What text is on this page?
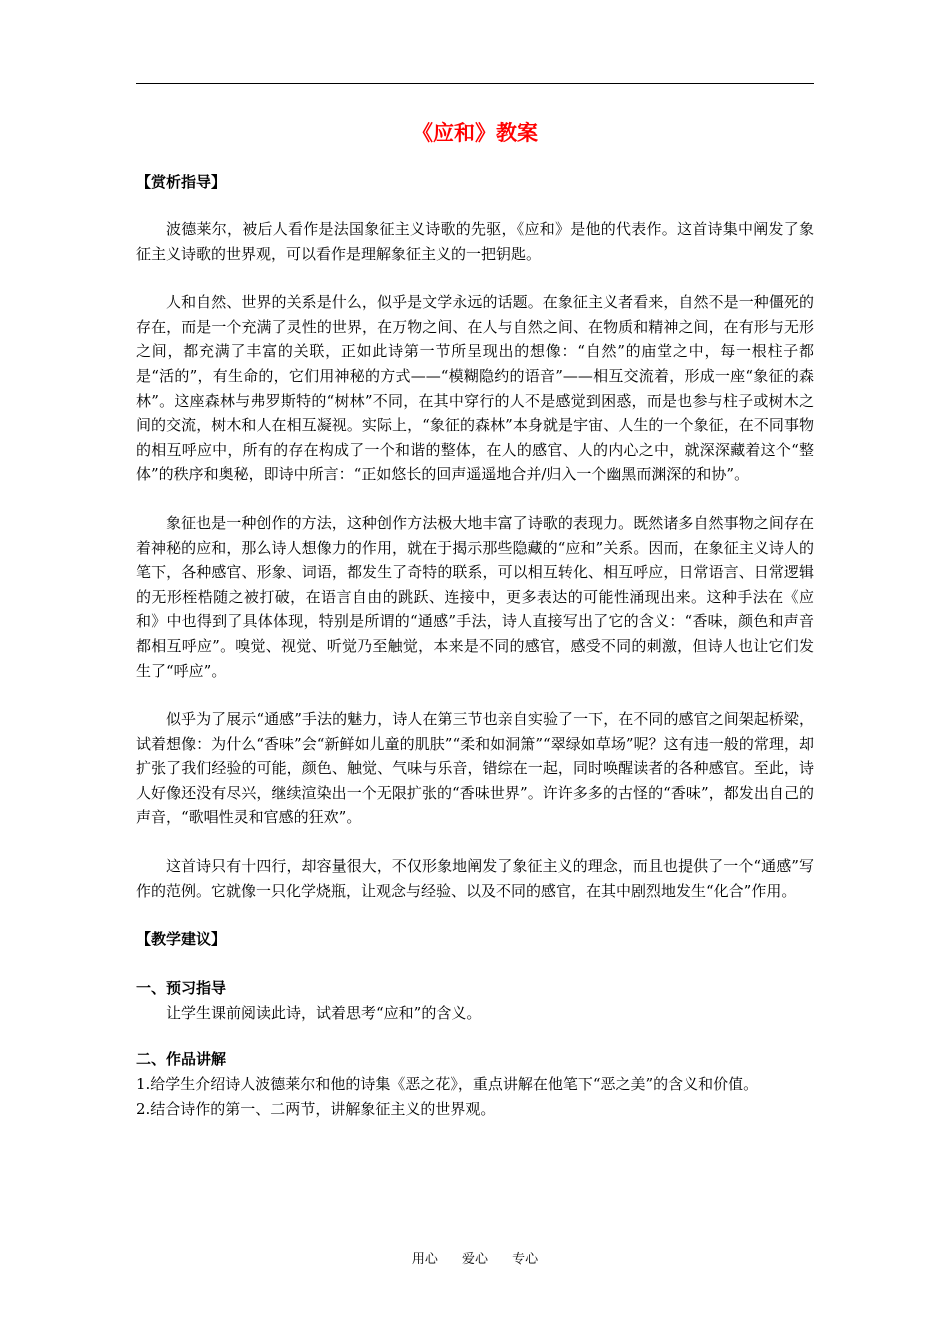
《应和》教案

【赏析指导】

波德莱尔，被后人看作是法国象征主义诗歌的先驱，《应和》是他的代表作。这首诗集中阐发了象征主义诗歌的世界观，可以看作是理解象征主义的一把钥匙。

人和自然、世界的关系是什么，似乎是文学永远的话题。在象征主义者看来，自然不是一种僵死的存在，而是一个充满了灵性的世界，在万物之间、在人与自然之间、在物质和精神之间，在有形与无形之间，都充满了丰富的关联，正如此诗第一节所呈现出的想像：“自然”的庙堂之中，每一根柱子都是“活的”，有生命的，它们用神秘的方式——“模糊隐约的语音”——相互交流着，形成一座“象征的森林”。这座森林与弗罗斯特的“树林”不同，在其中穿行的人不是感觉到困惑，而是也参与柱子或树木之间的交流，树木和人在相互凝视。实际上，“象征的森林”本身就是宇宙、人生的一个象征，在不同事物的相互呼应中，所有的存在构成了一个和谐的整体，在人的感官、人的内心之中，就深深藏着这个“整体”的秩序和奥秘，即诗中所言：“正如悠长的回声遥遥地合并/归入一个幽黑而渊深的和协”。

象征也是一种创作的方法，这种创作方法极大地丰富了诗歌的表现力。既然诸多自然事物之间存在着神秘的应和，那么诗人想像力的作用，就在于揭示那些隐藏的“应和”关系。因而，在象征主义诗人的笔下，各种感官、形象、词语，都发生了奇特的联系，可以相互转化、相互呼应，日常语言、日常逻辑的无形桎梏随之被打破，在语言自由的跳跃、连接中，更多表达的可能性涌现出来。这种手法在《应和》中也得到了具体体现，特别是所谓的“通感”手法，诗人直接写出了它的含义：“香味，颜色和声音都相互呼应”。嗅觉、视觉、听觉乃至触觉，本来是不同的感官，感受不同的刺激，但诗人也让它们发生了“呼应”。

似乎为了展示“通感”手法的魅力，诗人在第三节也亲自实验了一下，在不同的感官之间架起桥梁，试着想像：为什么“香味”会“新鲜如儿童的肌肤”“柔和如洞箫”“翠绿如草场”呢？这有违一般的常理，却扩张了我们经验的可能，颜色、触觉、气味与乐音，错综在一起，同时唤醒读者的各种感官。至此，诗人好像还没有尽兴，继续渲染出一个无限扩张的“香味世界”。许许多多的古怪的“香味”，都发出自己的声音，“歌唱性灵和官感的狂欢”。

这首诗只有十四行，却容量很大，不仅形象地阐发了象征主义的理念，而且也提供了一个“通感”写作的范例。它就像一只化学烧瓶，让观念与经验、以及不同的感官，在其中剧烈地发生“化合”作用。

【教学建议】

一、预习指导

让学生课前阅读此诗，试着思考“应和”的含义。

二、作品讲解

1.给学生介绍诗人波德莱尔和他的诗集《恶之花》，重点讲解在他笔下“恶之美”的含义和价值。

2.结合诗作的第一、二两节，讲解象征主义的世界观。

用心 爱心 专心
